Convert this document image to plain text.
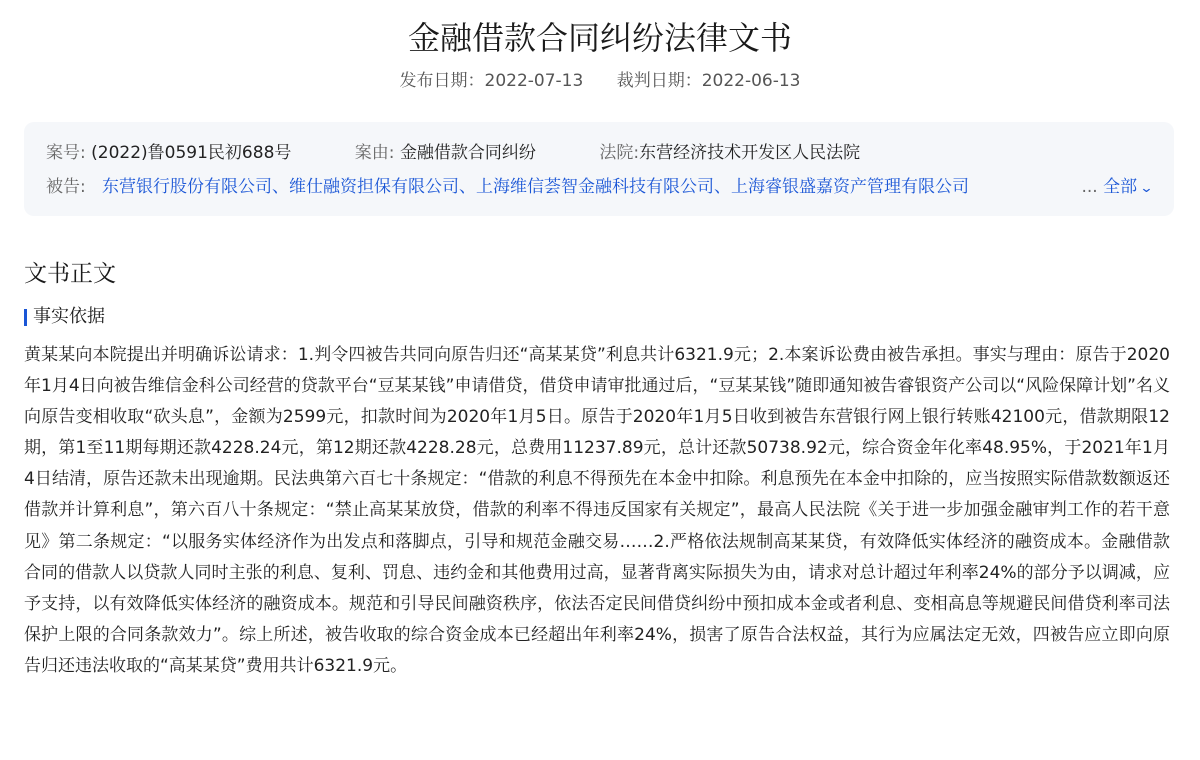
金融借款合同纠纷法律文书
发布日期：2022-07-13 裁判日期：2022-06-13
案号: (2022)鲁0591民初688号	案由: 金融借款合同纠纷	法院:东营经济技术开发区人民法院
被告: 东营银行股份有限公司、维仕融资担保有限公司、上海维信荟智金融科技有限公司、上海睿银盛嘉资产管理有限公司	... 全部 ⌄
文书正文
事实依据

黄某某向本院提出并明确诉讼请求：1.判令四被告共同向原告归还“高某某贷”利息共计6321.9元；2.本案诉讼费由被告承担。事实与理由：原告于2020年1月4日向被告维信金科公司经营的贷款平台“豆某某钱”申请借贷，借贷申请审批通过后，“豆某某钱”随即通知被告睿银资产公司以“风险保障计划”名义向原告变相收取“砍头息”，金额为2599元，扣款时间为2020年1月5日。原告于2020年1月5日收到被告东营银行网上银行转账42100元，借款期限12期，第1至11期每期还款4228.24元，第12期还款4228.28元，总费用11237.89元，总计还款50738.92元，综合资金年化率48.95%，于2021年1月4日结清，原告还款未出现逾期。民法典第六百七十条规定：“借款的利息不得预先在本金中扣除。利息预先在本金中扣除的，应当按照实际借款数额返还借款并计算利息”，第六百八十条规定：“禁止高某某放贷，借款的利率不得违反国家有关规定”，最高人民法院《关于进一步加强金融审判工作的若干意见》第二条规定：“以服务实体经济作为出发点和落脚点，引导和规范金融交易……2.严格依法规制高某某贷，有效降低实体经济的融资成本。金融借款合同的借款人以贷款人同时主张的利息、复利、罚息、违约金和其他费用过高，显著背离实际损失为由，请求对总计超过年利率24%的部分予以调减，应予支持，以有效降低实体经济的融资成本。规范和引导民间融资秩序，依法否定民间借贷纠纷中预扣成本金或者利息、变相高息等规避民间借贷利率司法保护上限的合同条款效力”。综上所述，被告收取的综合资金成本已经超出年利率24%，损害了原告合法权益，其行为应属法定无效，四被告应立即向原告归还违法收取的“高某某贷”费用共计6321.9元。
